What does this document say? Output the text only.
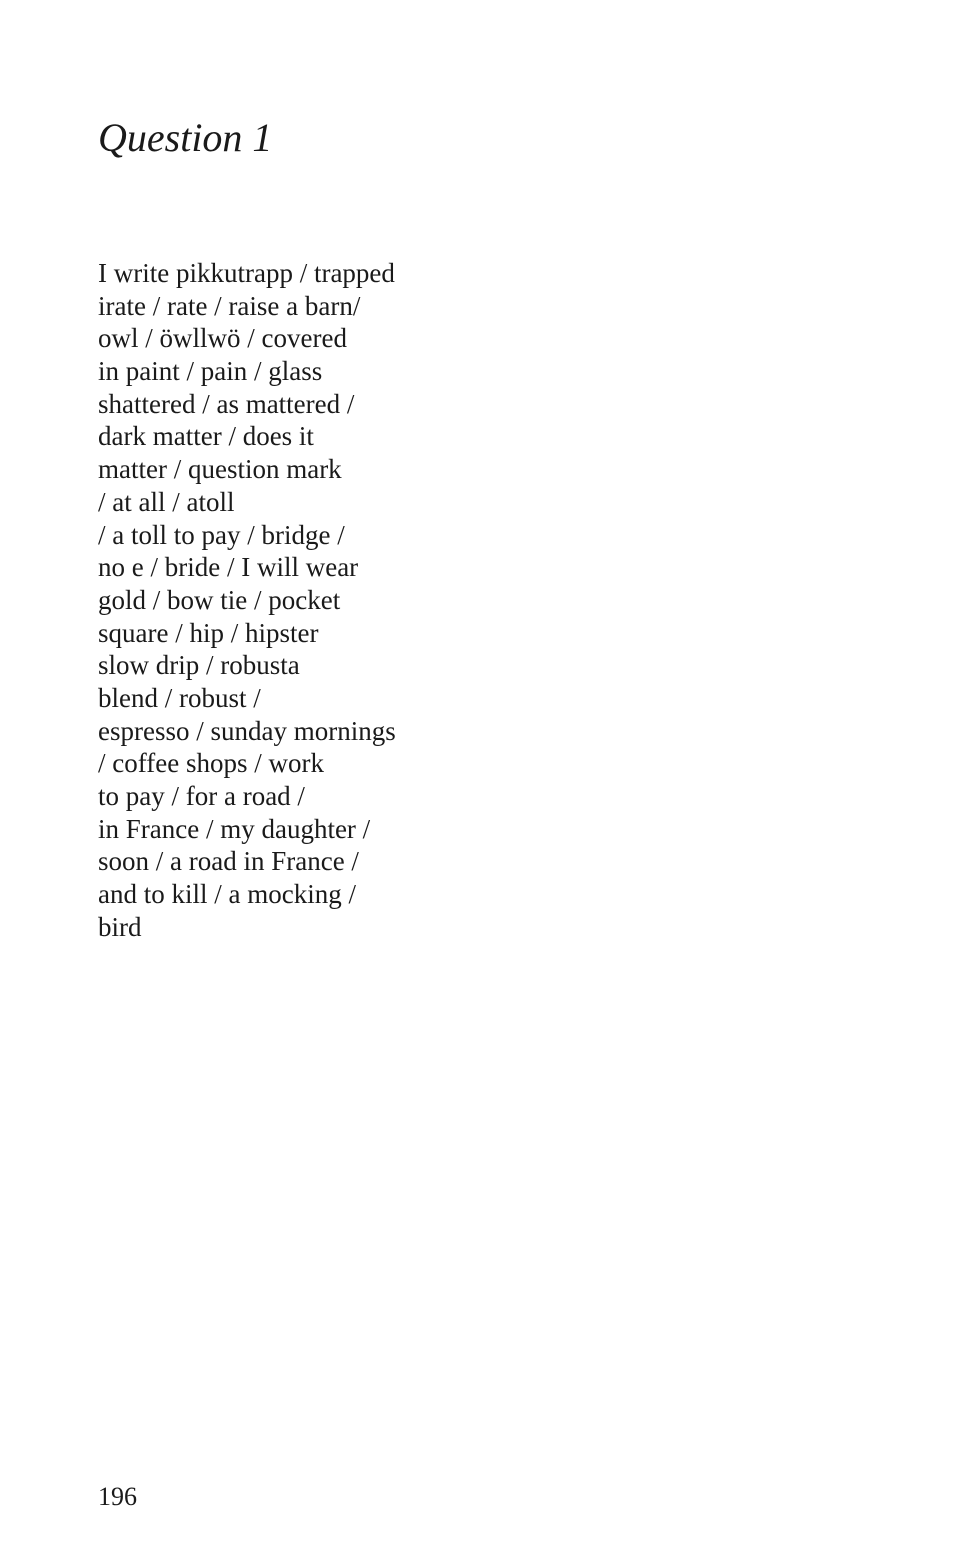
Question 1
I write pikkutrapp / trapped
irate / rate / raise a barn/
owl / öwllwö / covered
in paint / pain / glass
shattered / as mattered /
dark matter / does it
matter / question mark
/ at all / atoll
/ a toll to pay / bridge /
no e / bride / I will wear
gold / bow tie / pocket
square / hip / hipster
slow drip / robusta
blend / robust /
espresso / sunday mornings
/ coffee shops / work
to pay / for a road /
in France / my daughter /
soon / a road in France /
and to kill / a mocking /
bird
196
